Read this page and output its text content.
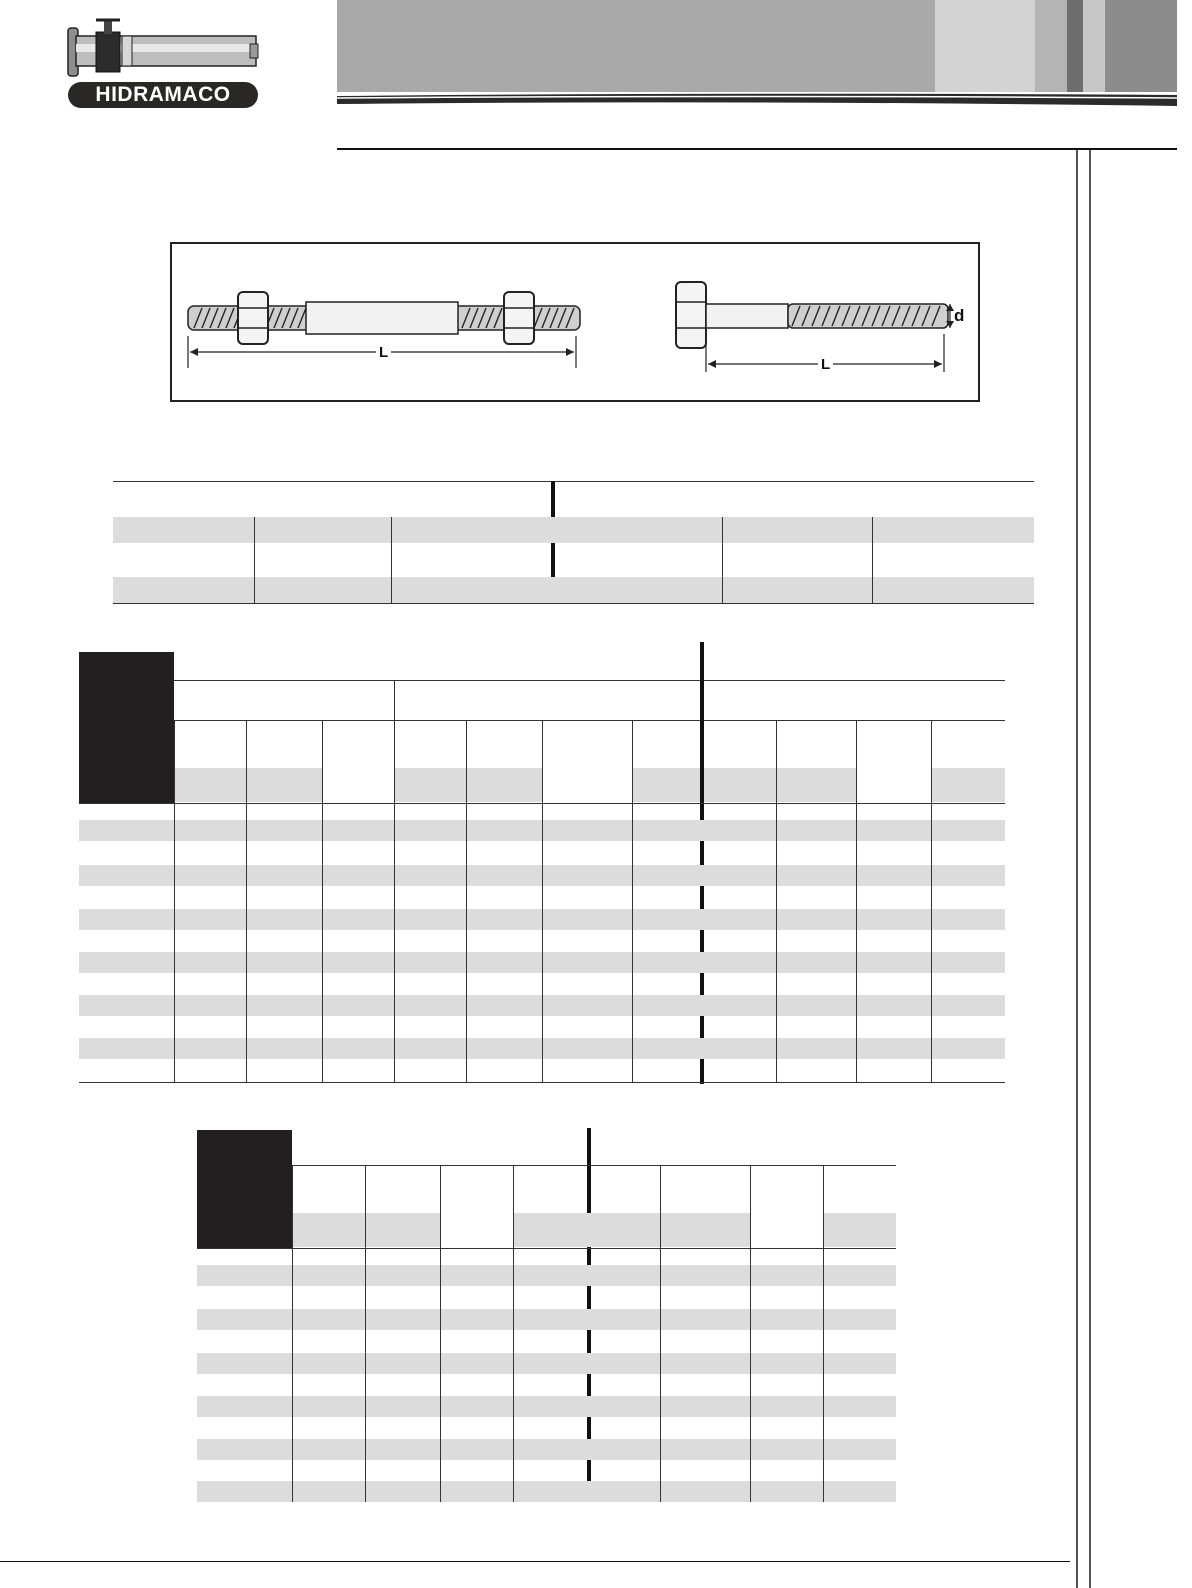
HIDRAMACO
L
L
d
